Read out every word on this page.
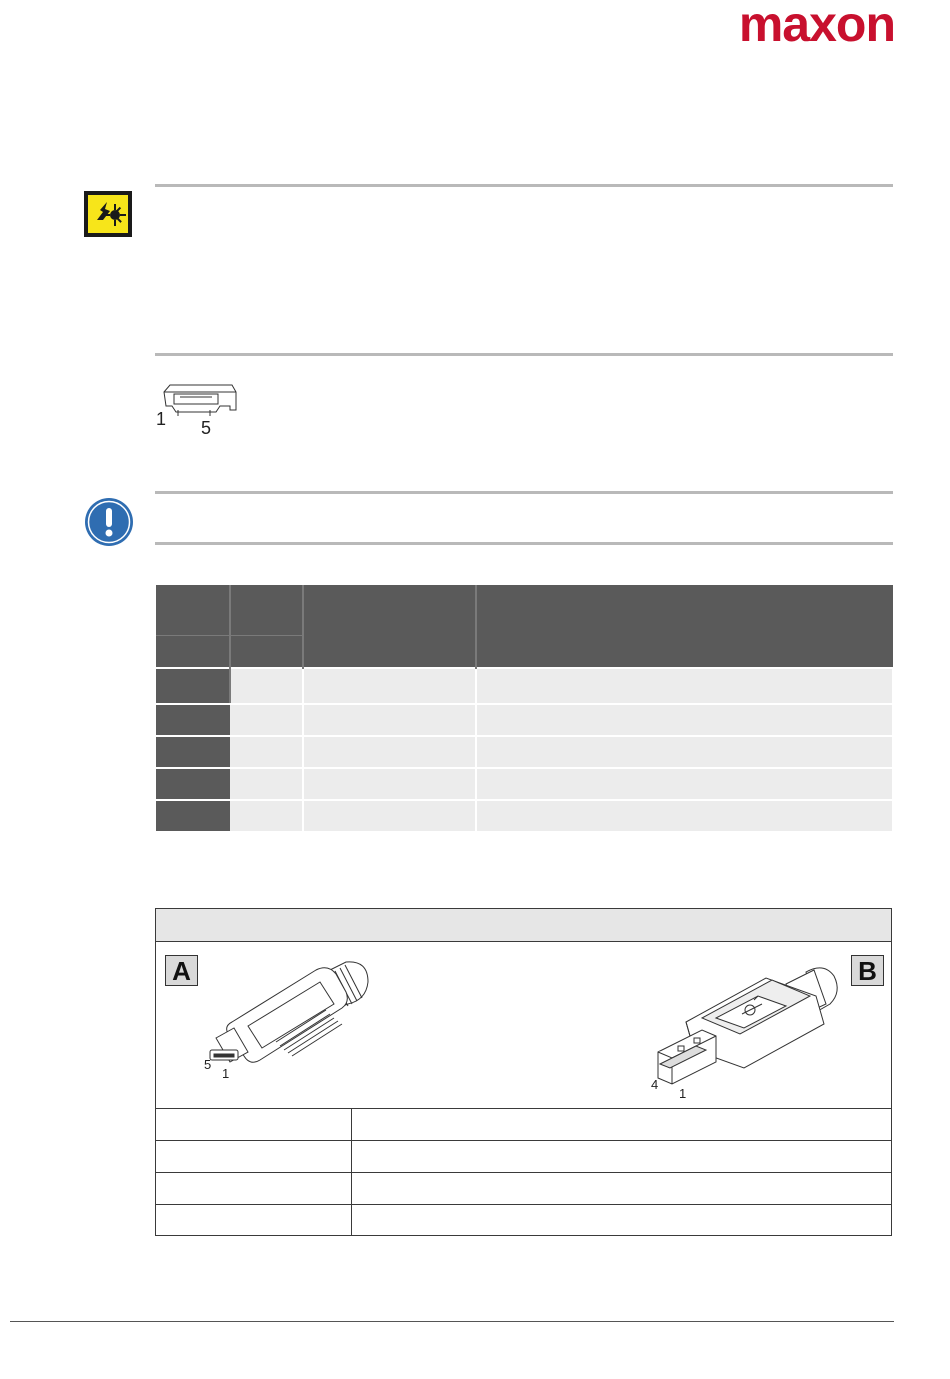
maxon
1 5

A	B
5
1
4
1
